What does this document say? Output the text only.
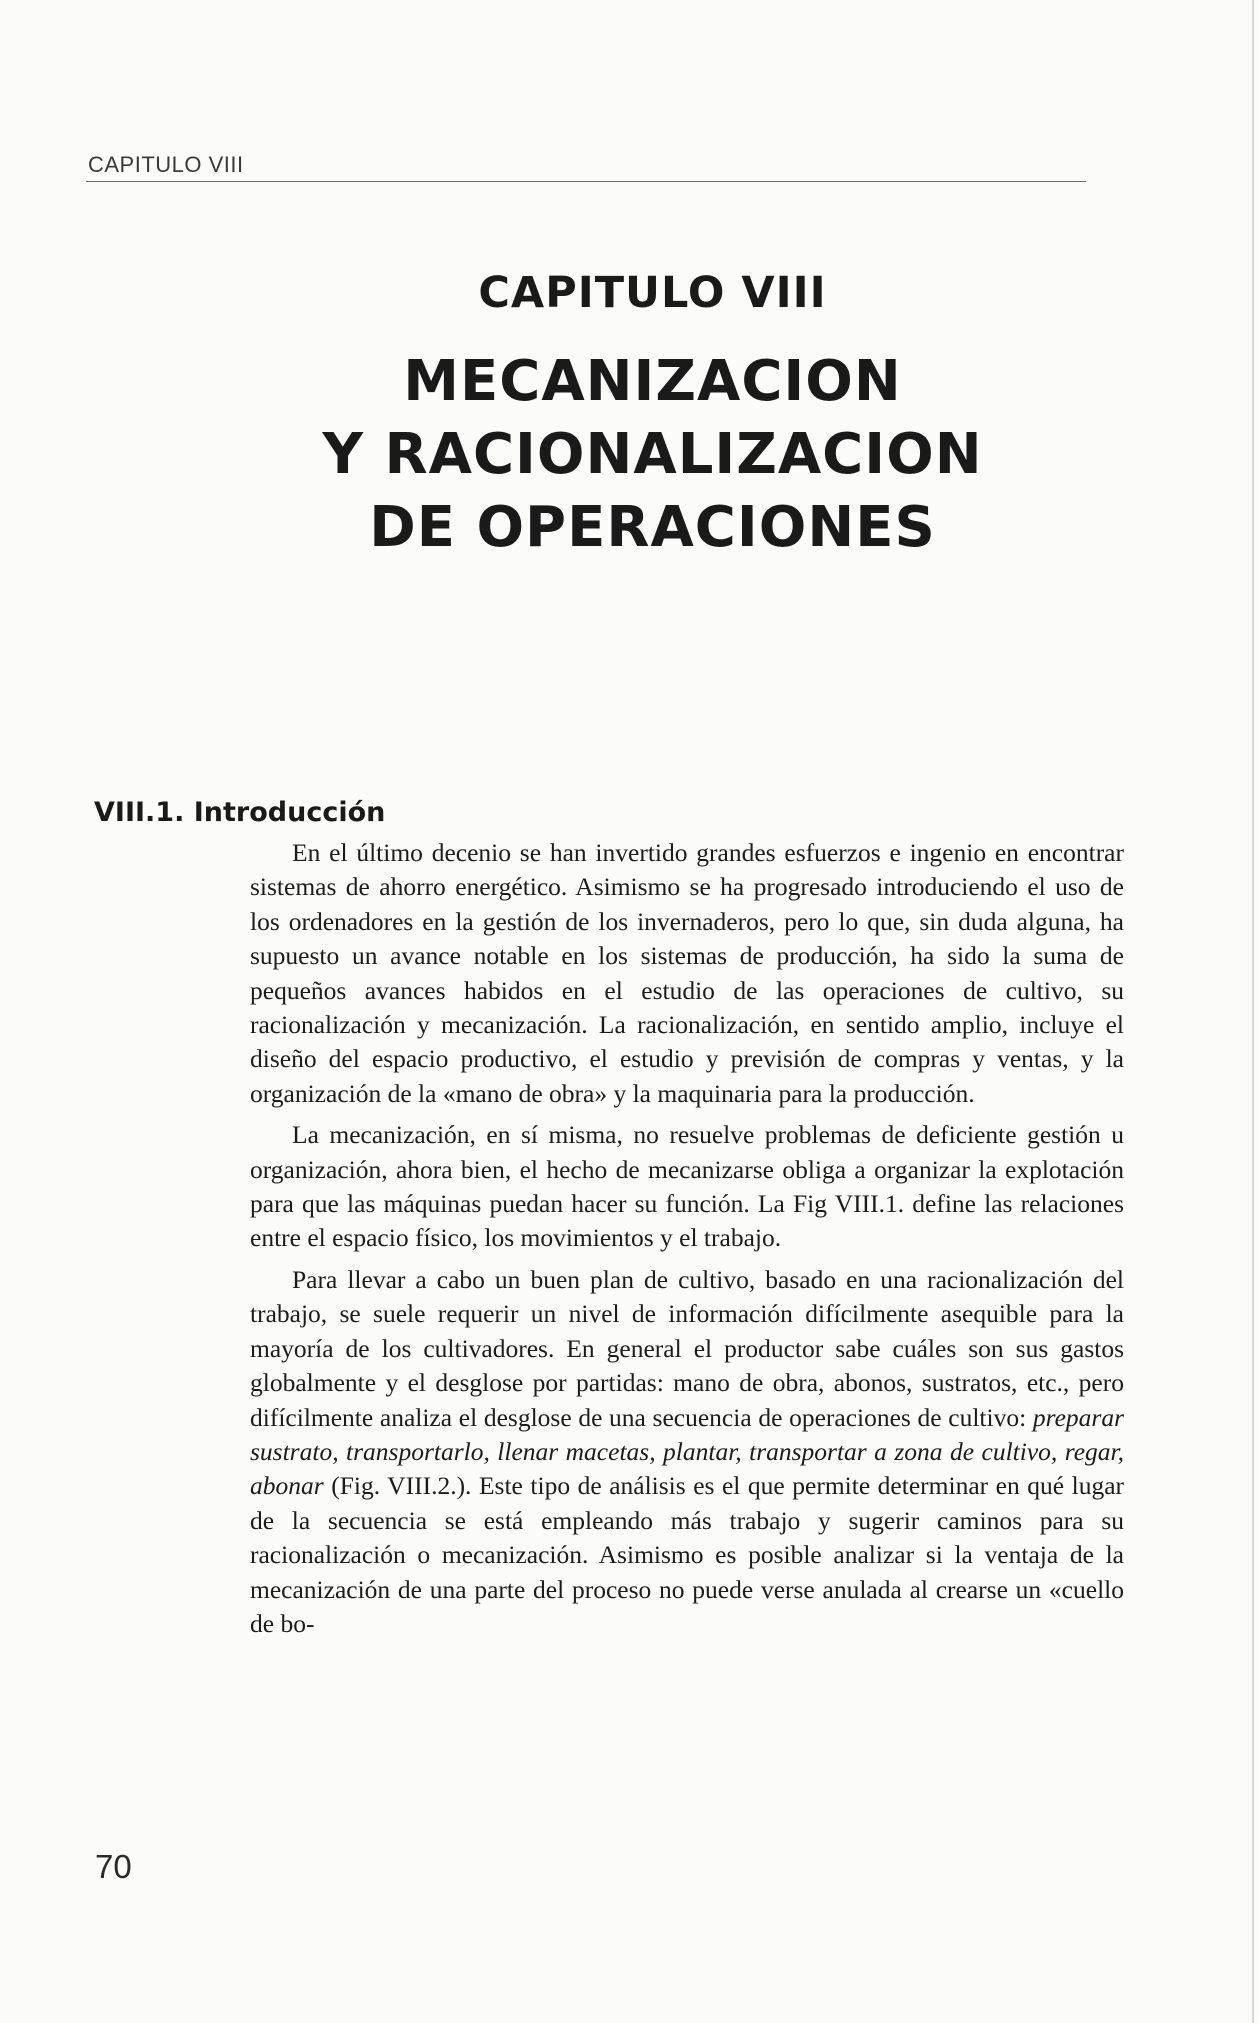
CAPITULO VIII
CAPITULO VIII
MECANIZACION
Y RACIONALIZACION
DE OPERACIONES
VIII.1. Introducción

En el último decenio se han invertido grandes esfuerzos e ingenio en encontrar sistemas de ahorro energético. Asimismo se ha progresado introduciendo el uso de los ordenadores en la gestión de los invernaderos, pero lo que, sin duda alguna, ha supuesto un avance notable en los sistemas de producción, ha sido la suma de pequeños avances habidos en el estudio de las operaciones de cultivo, su racionalización y mecanización. La racionalización, en sentido amplio, incluye el diseño del espacio productivo, el estudio y previsión de compras y ventas, y la organización de la «mano de obra» y la maquinaria para la producción.

La mecanización, en sí misma, no resuelve problemas de deficiente gestión u organización, ahora bien, el hecho de mecanizarse obliga a organizar la explotación para que las máquinas puedan hacer su función. La Fig VIII.1. define las relaciones entre el espacio físico, los movimientos y el trabajo.

Para llevar a cabo un buen plan de cultivo, basado en una racionalización del trabajo, se suele requerir un nivel de información difícilmente asequible para la mayoría de los cultivadores. En general el productor sabe cuáles son sus gastos globalmente y el desglose por partidas: mano de obra, abonos, sustratos, etc., pero difícilmente analiza el desglose de una secuencia de operaciones de cultivo: preparar sustrato, transportarlo, llenar macetas, plantar, transportar a zona de cultivo, regar, abonar (Fig. VIII.2.). Este tipo de análisis es el que permite determinar en qué lugar de la secuencia se está empleando más trabajo y sugerir caminos para su racionalización o mecanización. Asimismo es posible analizar si la ventaja de la mecanización de una parte del proceso no puede verse anulada al crearse un «cuello de bo-

70
